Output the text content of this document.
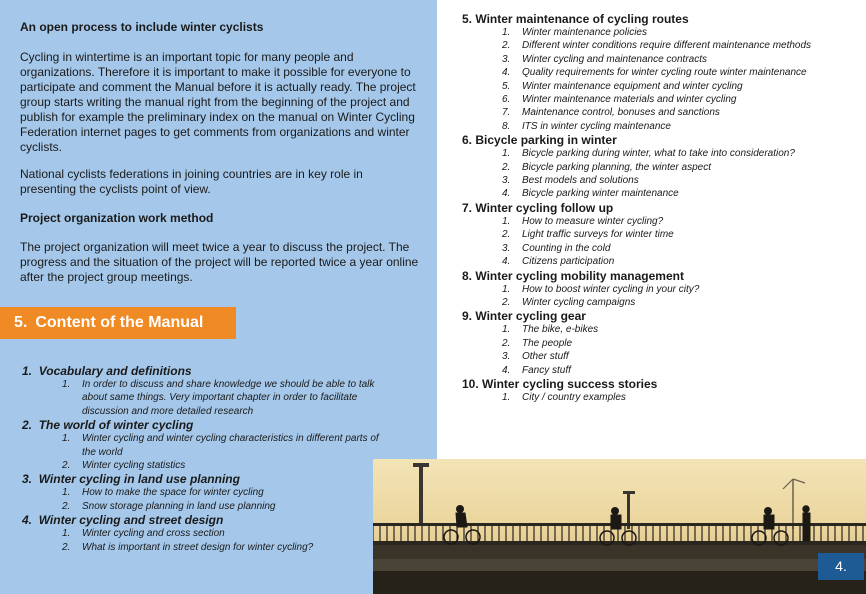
An open process to include winter cyclists

Cycling in wintertime is an important topic for many people and organizations. Therefore it is important to make it possible for everyone to participate and comment the Manual before it is actually ready. The project group starts writing the manual right from the beginning of the project and publish for example the preliminary index on the manual on Winter Cycling Federation internet pages to get comments from organizations and winter cyclists.

National cyclists federations in joining countries are in key role in presenting the cyclists point of view.

Project organization work method

The project organization will meet twice a year to discuss the project. The progress and the situation of the project will be reported twice a year online after the project group meetings.

5. Content of the Manual
1. Vocabulary and definitions
1. In order to discuss and share knowledge we should be able to talk about same things. Very important chapter in order to facilitate discussion and more detailed research
2. The world of winter cycling
1. Winter cycling and winter cycling characteristics in different parts of the world
2. Winter cycling statistics
3. Winter cycling in land use planning
1. How to make the space for winter cycling
2. Snow storage planning in land use planning
4. Winter cycling and street design
1. Winter cycling and cross section
2. What is important in street design for winter cycling?
5. Winter maintenance of cycling routes
1. Winter maintenance policies
2. Different winter conditions require different maintenance methods
3. Winter cycling and maintenance contracts
4. Quality requirements for winter cycling route winter maintenance
5. Winter maintenance equipment and winter cycling
6. Winter maintenance materials and winter cycling
7. Maintenance control, bonuses and sanctions
8. ITS in winter cycling maintenance
6. Bicycle parking in winter
1. Bicycle parking during winter, what to take into consideration?
2. Bicycle parking planning, the winter aspect
3. Best models and solutions
4. Bicycle parking winter maintenance
7. Winter cycling follow up
1. How to measure winter cycling?
2. Light traffic surveys for winter time
3. Counting in the cold
4. Citizens participation
8. Winter cycling mobility management
1. How to boost winter cycling in your city?
2. Winter cycling campaigns
9. Winter cycling gear
1. The bike, e-bikes
2. The people
3. Other stuff
4. Fancy stuff
10. Winter cycling success stories
1. City / country examples
4.
